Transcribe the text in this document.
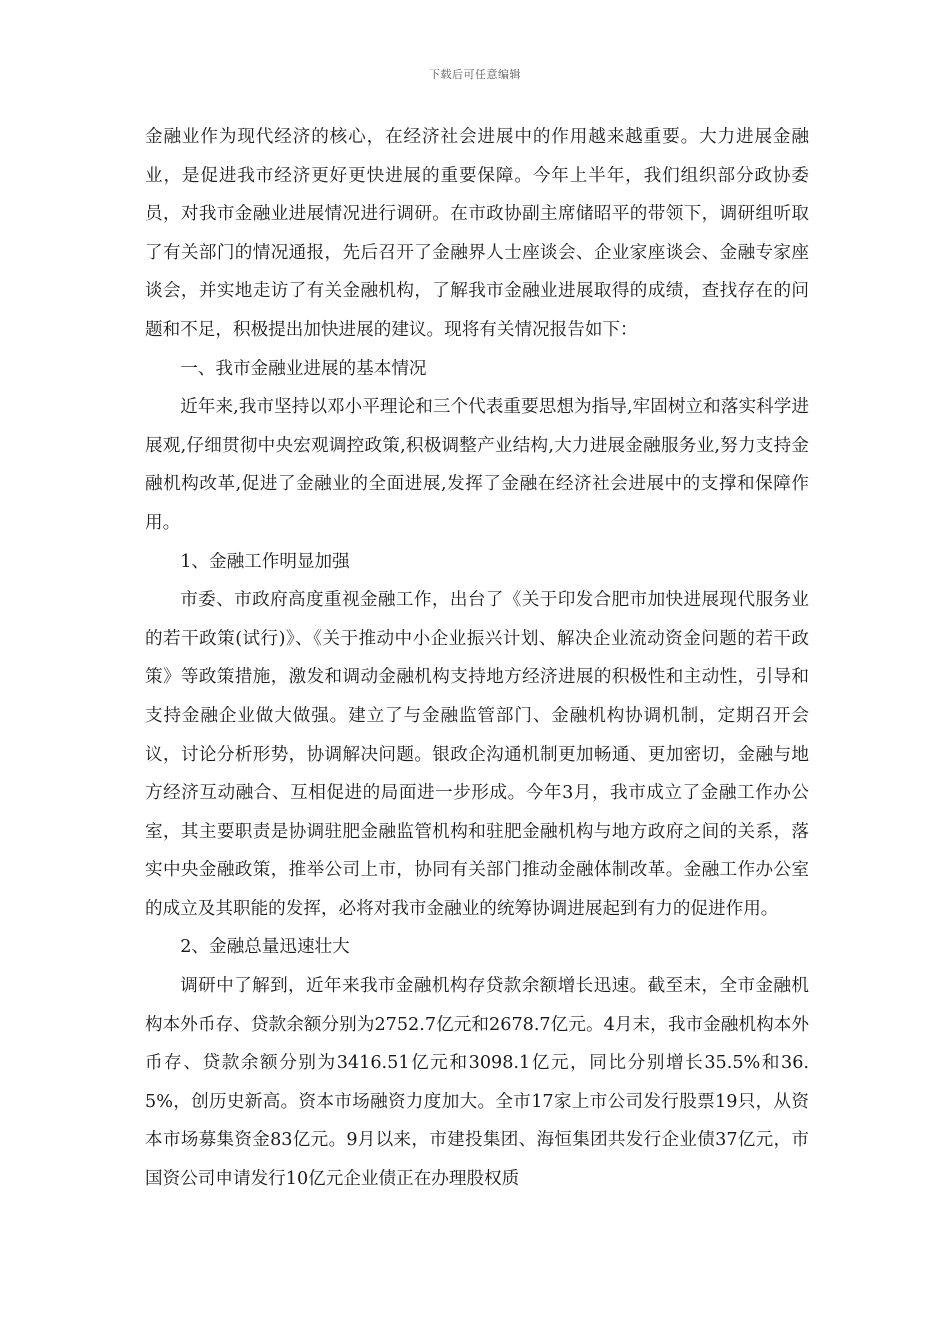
下载后可任意编辑

金融业作为现代经济的核心，在经济社会进展中的作用越来越重要。大力进展金融业，是促进我市经济更好更快进展的重要保障。今年上半年，我们组织部分政协委员，对我市金融业进展情况进行调研。在市政协副主席储昭平的带领下，调研组听取了有关部门的情况通报，先后召开了金融界人士座谈会、企业家座谈会、金融专家座谈会，并实地走访了有关金融机构，了解我市金融业进展取得的成绩，查找存在的问题和不足，积极提出加快进展的建议。现将有关情况报告如下：

一、我市金融业进展的基本情况

近年来,我市坚持以邓小平理论和三个代表重要思想为指导,牢固树立和落实科学进展观,仔细贯彻中央宏观调控政策,积极调整产业结构,大力进展金融服务业,努力支持金融机构改革,促进了金融业的全面进展,发挥了金融在经济社会进展中的支撑和保障作用。

1、金融工作明显加强

市委、市政府高度重视金融工作，出台了《关于印发合肥市加快进展现代服务业的若干政策(试行)》、《关于推动中小企业振兴计划、解决企业流动资金问题的若干政策》等政策措施，激发和调动金融机构支持地方经济进展的积极性和主动性，引导和支持金融企业做大做强。建立了与金融监管部门、金融机构协调机制，定期召开会议，讨论分析形势，协调解决问题。银政企沟通机制更加畅通、更加密切，金融与地方经济互动融合、互相促进的局面进一步形成。今年3月，我市成立了金融工作办公室，其主要职责是协调驻肥金融监管机构和驻肥金融机构与地方政府之间的关系，落实中央金融政策，推举公司上市，协同有关部门推动金融体制改革。金融工作办公室的成立及其职能的发挥，必将对我市金融业的统筹协调进展起到有力的促进作用。

2、金融总量迅速壮大

调研中了解到，近年来我市金融机构存贷款余额增长迅速。截至末，全市金融机构本外币存、贷款余额分别为2752.7亿元和2678.7亿元。4月末，我市金融机构本外币存、贷款余额分别为3416.51亿元和3098.1亿元，同比分别增长35.5%和36.5%，创历史新高。资本市场融资力度加大。全市17家上市公司发行股票19只，从资本市场募集资金83亿元。9月以来，市建投集团、海恒集团共发行企业债37亿元，市国资公司申请发行10亿元企业债正在办理股权质
